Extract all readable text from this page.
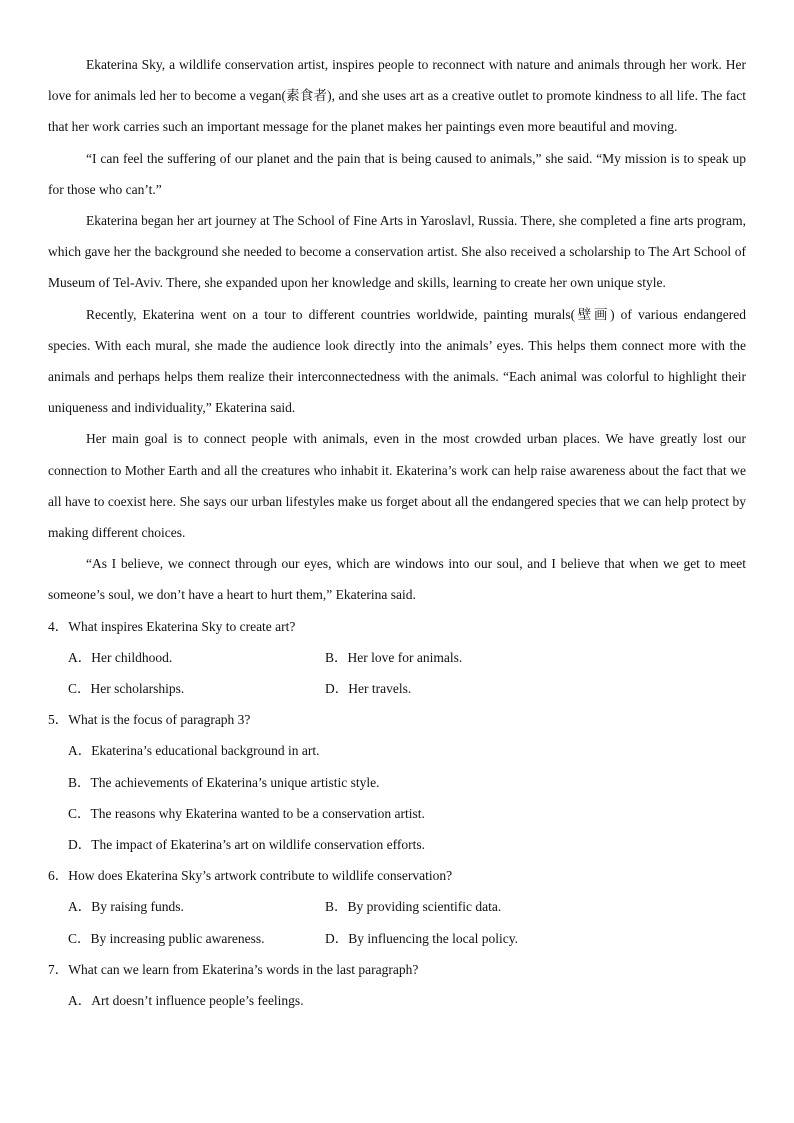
Ekaterina Sky, a wildlife conservation artist, inspires people to reconnect with nature and animals through her work. Her love for animals led her to become a vegan(素食者), and she uses art as a creative outlet to promote kindness to all life. The fact that her work carries such an important message for the planet makes her paintings even more beautiful and moving.

“I can feel the suffering of our planet and the pain that is being caused to animals,” she said. “My mission is to speak up for those who can’t.”

Ekaterina began her art journey at The School of Fine Arts in Yaroslavl, Russia. There, she completed a fine arts program, which gave her the background she needed to become a conservation artist. She also received a scholarship to The Art School of Museum of Tel-Aviv. There, she expanded upon her knowledge and skills, learning to create her own unique style.

Recently, Ekaterina went on a tour to different countries worldwide, painting murals(壁画) of various endangered species. With each mural, she made the audience look directly into the animals’ eyes. This helps them connect more with the animals and perhaps helps them realize their interconnectedness with the animals. “Each animal was colorful to highlight their uniqueness and individuality,” Ekaterina said.

Her main goal is to connect people with animals, even in the most crowded urban places. We have greatly lost our connection to Mother Earth and all the creatures who inhabit it. Ekaterina’s work can help raise awareness about the fact that we all have to coexist here. She says our urban lifestyles make us forget about all the endangered species that we can help protect by making different choices.

“As I believe, we connect through our eyes, which are windows into our soul, and I believe that when we get to meet someone’s soul, we don’t have a heart to hurt them,” Ekaterina said.

4．What inspires Ekaterina Sky to create art?

A．Her childhood.	B．Her love for animals.
C．Her scholarships.	D．Her travels.

5．What is the focus of paragraph 3?

A．Ekaterina’s educational background in art.
B．The achievements of Ekaterina’s unique artistic style.
C．The reasons why Ekaterina wanted to be a conservation artist.
D．The impact of Ekaterina’s art on wildlife conservation efforts.

6．How does Ekaterina Sky’s artwork contribute to wildlife conservation?

A．By raising funds.	B．By providing scientific data.
C．By increasing public awareness.	D．By influencing the local policy.

7．What can we learn from Ekaterina’s words in the last paragraph?

A．Art doesn’t influence people’s feelings.
